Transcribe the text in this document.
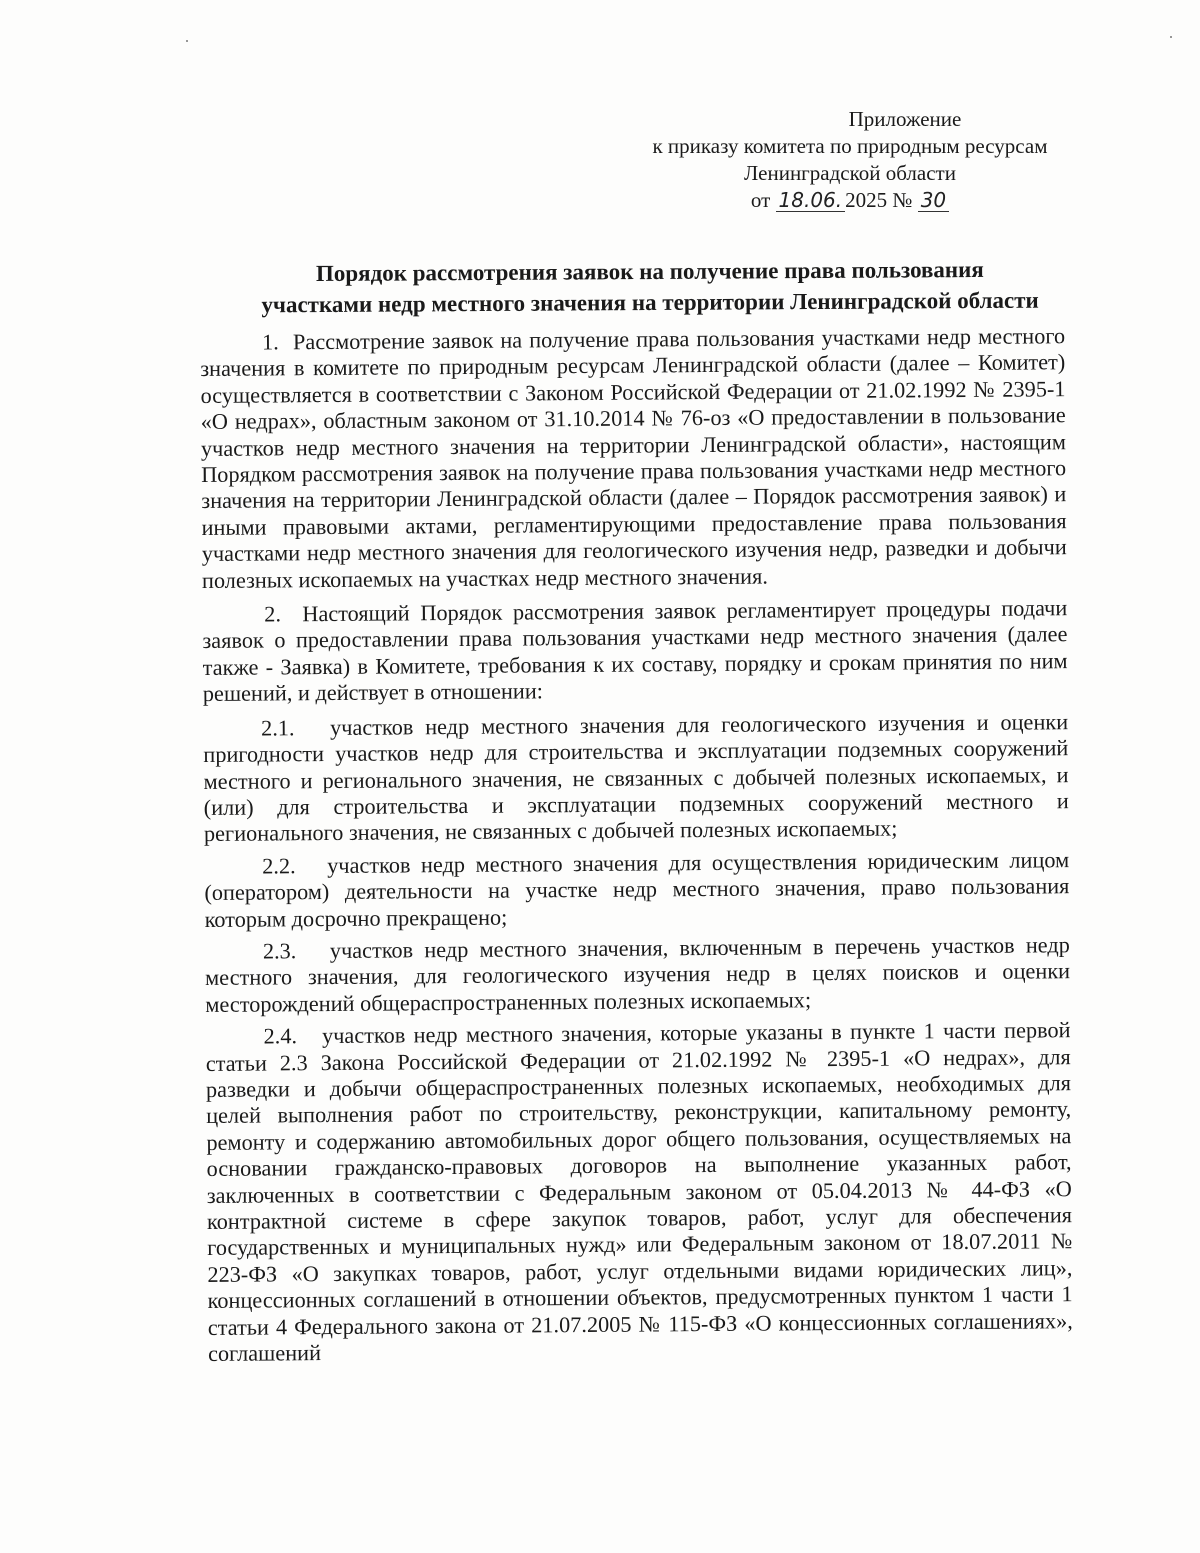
Приложение
к приказу комитета по природным ресурсам
Ленинградской области
от 18.06. 2025 № 30
Порядок рассмотрения заявок на получение права пользования
участками недр местного значения на территории Ленинградской области

1. Рассмотрение заявок на получение права пользования участками недр местного значения в комитете по природным ресурсам Ленинградской области (далее – Комитет) осуществляется в соответствии с Законом Российской Федерации от 21.02.1992 № 2395-1 «О недрах», областным законом от 31.10.2014 № 76-оз «О предоставлении в пользование участков недр местного значения на территории Ленинградской области», настоящим Порядком рассмотрения заявок на получение права пользования участками недр местного значения на территории Ленинградской области (далее – Порядок рассмотрения заявок) и иными правовыми актами, регламентирующими предоставление права пользования участками недр местного значения для геологического изучения недр, разведки и добычи полезных ископаемых на участках недр местного значения.

2. Настоящий Порядок рассмотрения заявок регламентирует процедуры подачи заявок о предоставлении права пользования участками недр местного значения (далее также - Заявка) в Комитете, требования к их составу, порядку и срокам принятия по ним решений, и действует в отношении:

2.1. участков недр местного значения для геологического изучения и оценки пригодности участков недр для строительства и эксплуатации подземных сооружений местного и регионального значения, не связанных с добычей полезных ископаемых, и (или) для строительства и эксплуатации подземных сооружений местного и регионального значения, не связанных с добычей полезных ископаемых;

2.2. участков недр местного значения для осуществления юридическим лицом (оператором) деятельности на участке недр местного значения, право пользования которым досрочно прекращено;

2.3. участков недр местного значения, включенным в перечень участков недр местного значения, для геологического изучения недр в целях поисков и оценки месторождений общераспространенных полезных ископаемых;

2.4. участков недр местного значения, которые указаны в пункте 1 части первой статьи 2.3 Закона Российской Федерации от 21.02.1992 № 2395-1 «О недрах», для разведки и добычи общераспространенных полезных ископаемых, необходимых для целей выполнения работ по строительству, реконструкции, капитальному ремонту, ремонту и содержанию автомобильных дорог общего пользования, осуществляемых на основании гражданско-правовых договоров на выполнение указанных работ, заключенных в соответствии с Федеральным законом от 05.04.2013 № 44-ФЗ «О контрактной системе в сфере закупок товаров, работ, услуг для обеспечения государственных и муниципальных нужд» или Федеральным законом от 18.07.2011 № 223-ФЗ «О закупках товаров, работ, услуг отдельными видами юридических лиц», концессионных соглашений в отношении объектов, предусмотренных пунктом 1 части 1 статьи 4 Федерального закона от 21.07.2005 № 115-ФЗ «О концессионных соглашениях», соглашений
